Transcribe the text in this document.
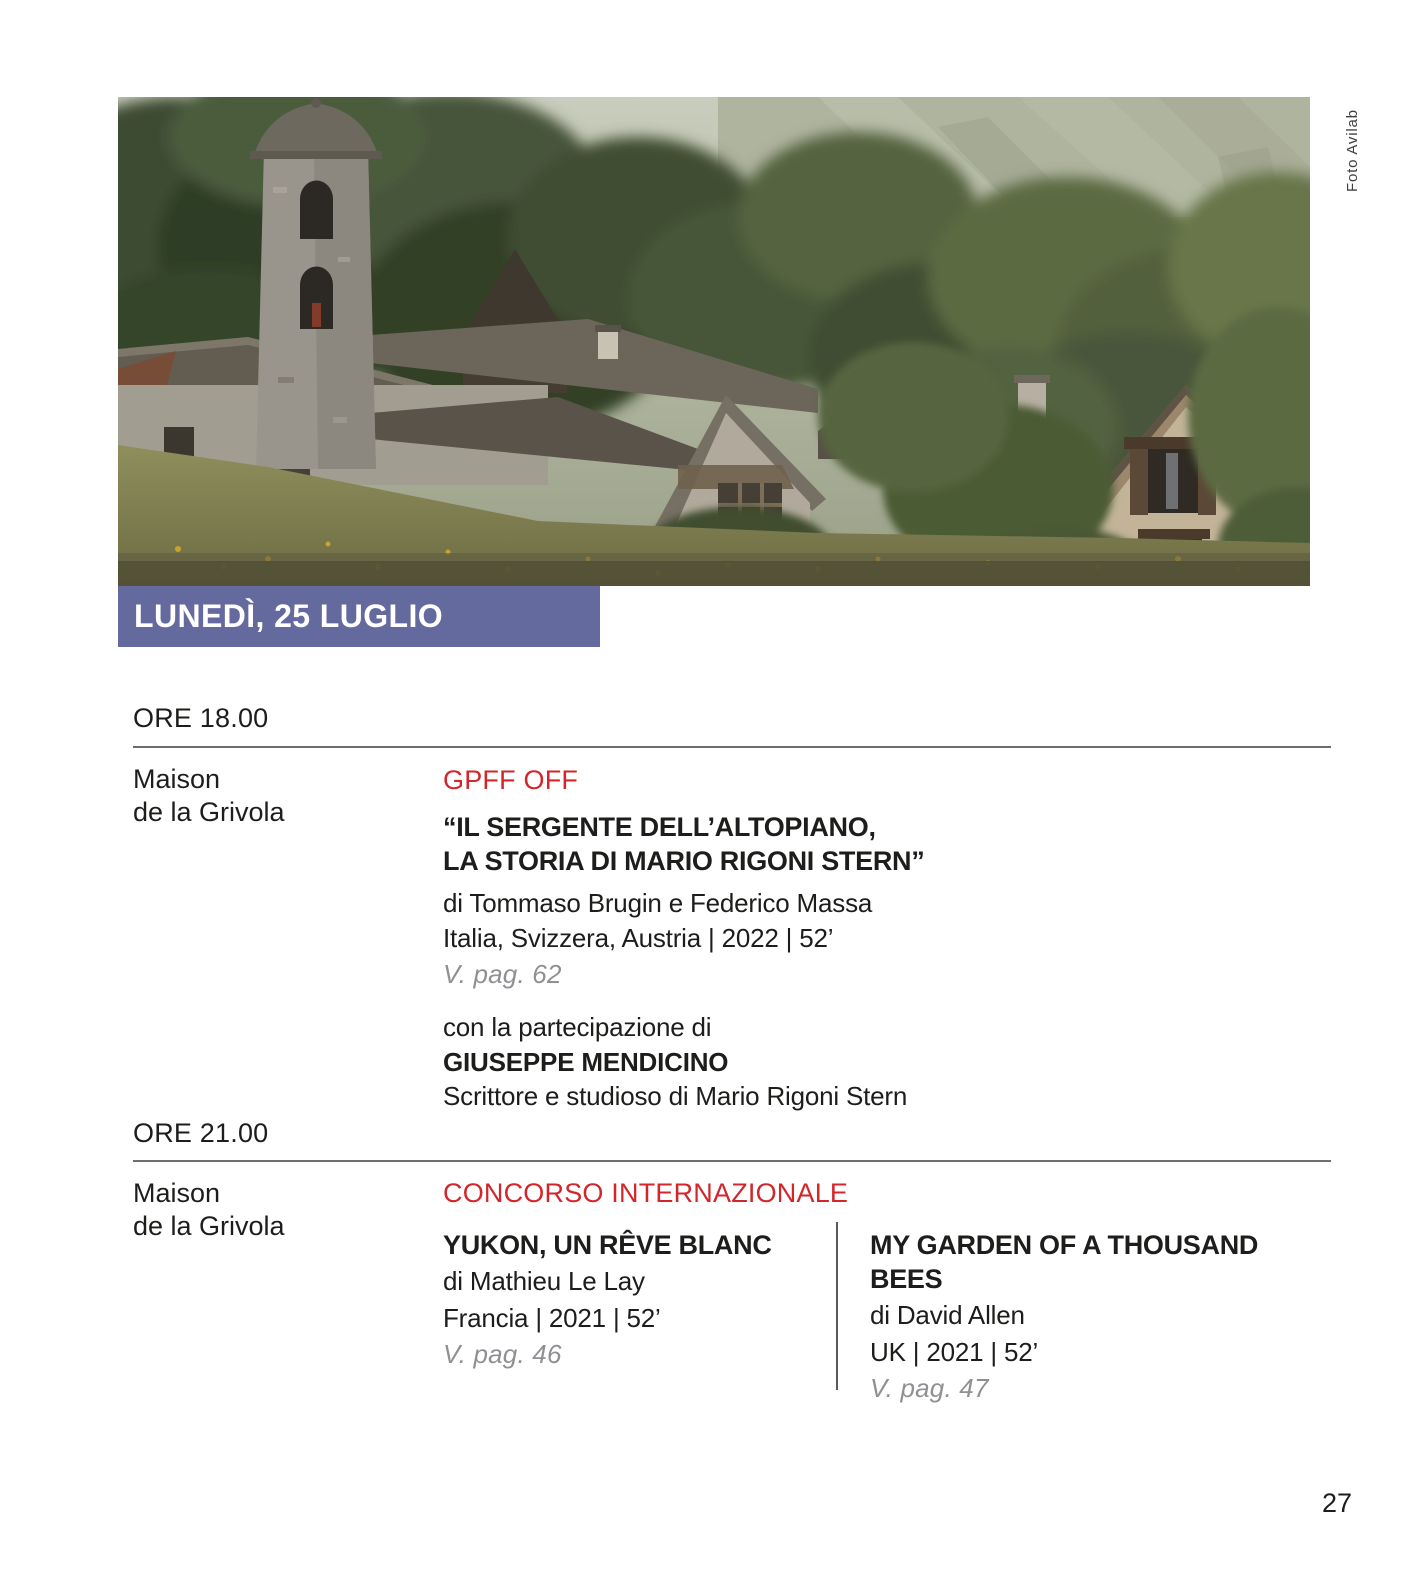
Foto Avilab
LUNEDÌ, 25 LUGLIO
ORE 18.00
Maison
de la Grivola
GPFF OFF
“IL SERGENTE DELL’ALTOPIANO,
LA STORIA DI MARIO RIGONI STERN”
di Tommaso Brugin e Federico Massa
Italia, Svizzera, Austria | 2022 | 52’
V. pag. 62
con la partecipazione di
GIUSEPPE MENDICINO
Scrittore e studioso di Mario Rigoni Stern
ORE 21.00
Maison
de la Grivola
CONCORSO INTERNAZIONALE
YUKON, UN RÊVE BLANC
di Mathieu Le Lay
Francia | 2021 | 52’
V. pag. 46
MY GARDEN OF A THOUSAND BEES
di David Allen
UK | 2021 | 52’
V. pag. 47
27
